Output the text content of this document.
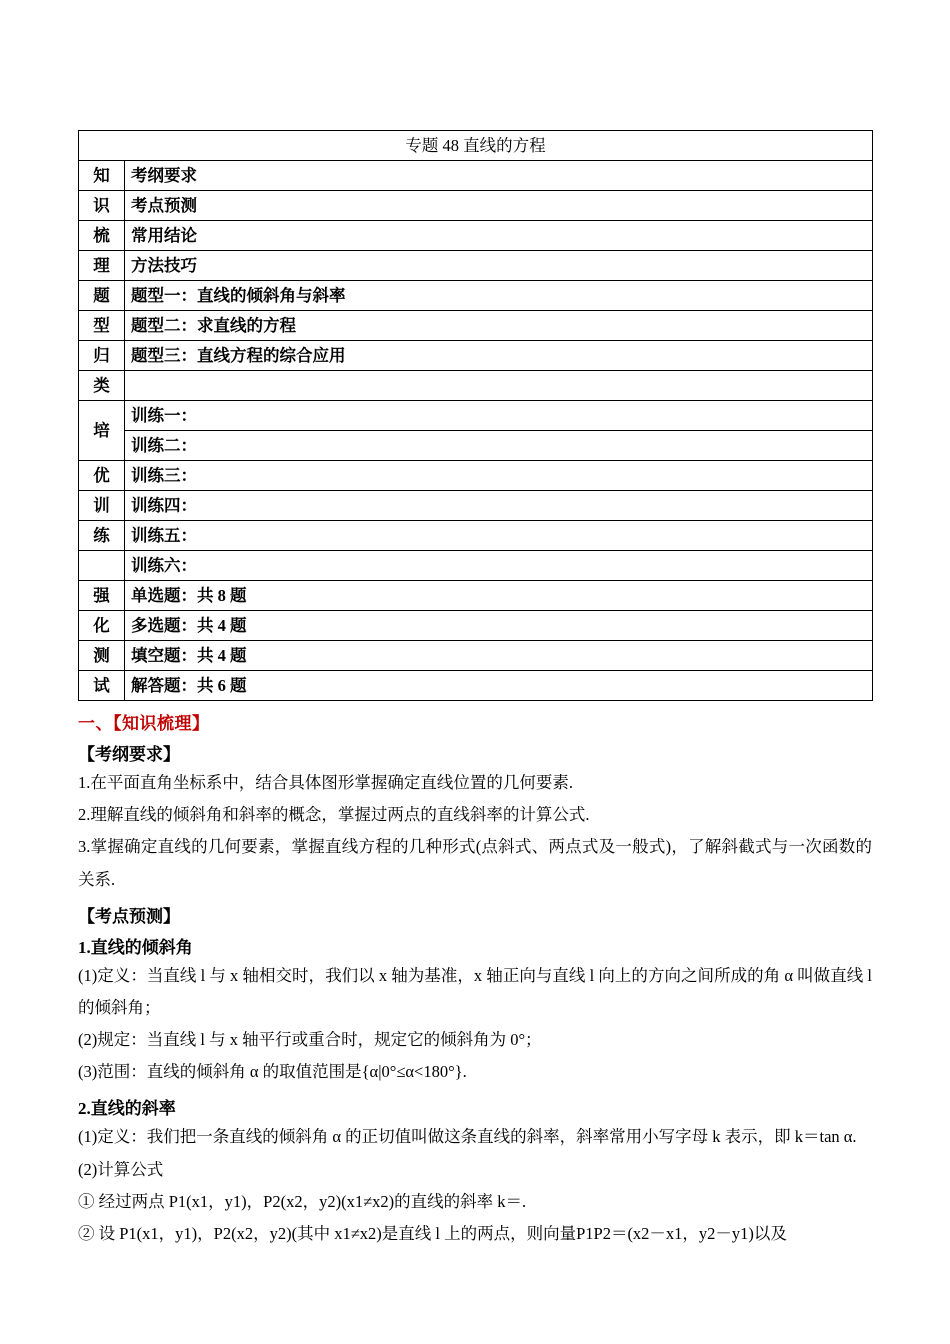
专题 48 直线的方程	
知	考纲要求
识	考点预测
梳	常用结论
理	方法技巧
题	题型一：直线的倾斜角与斜率
型	题型二：求直线的方程
归	题型三：直线方程的综合应用
类	
培	训练一：
	训练二：
优	训练三：
训	训练四：
练	训练五：
	训练六：
强	单选题：共 8 题
化	多选题：共 4 题
测	填空题：共 4 题
试	解答题：共 6 题
一、【知识梳理】
【考纲要求】

1.在平面直角坐标系中，结合具体图形掌握确定直线位置的几何要素.

2.理解直线的倾斜角和斜率的概念，掌握过两点的直线斜率的计算公式.

3.掌握确定直线的几何要素，掌握直线方程的几种形式(点斜式、两点式及一般式)，了解斜截式与一次函数的关系.

【考点预测】
1.直线的倾斜角

(1)定义：当直线 l 与 x 轴相交时，我们以 x 轴为基准，x 轴正向与直线 l 向上的方向之间所成的角 α 叫做直线 l 的倾斜角；

(2)规定：当直线 l 与 x 轴平行或重合时，规定它的倾斜角为 0°；

(3)范围：直线的倾斜角 α 的取值范围是{α|0°≤α<180°}.

2.直线的斜率

(1)定义：我们把一条直线的倾斜角 α 的正切值叫做这条直线的斜率，斜率常用小写字母 k 表示，即 k＝tan α.

(2)计算公式

① 经过两点 P1(x1，y1)，P2(x2，y2)(x1≠x2)的直线的斜率 k＝.

② 设 P1(x1，y1)，P2(x2，y2)(其中 x1≠x2)是直线 l 上的两点，则向量P1P2＝(x2－x1，y2－y1)以及
